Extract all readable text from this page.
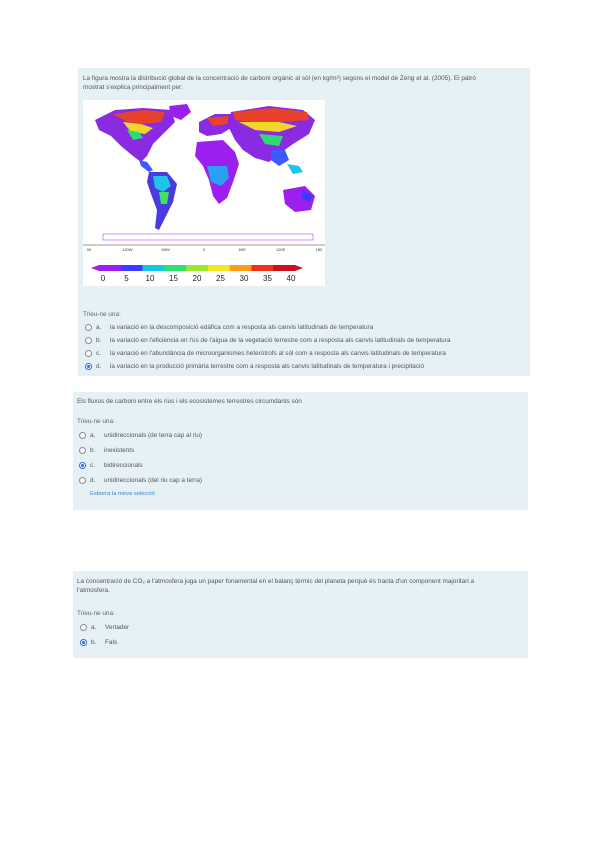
La figura mostra la distribució global de la concentració de carboni orgànic al sòl (en kg/m²) segons el model de Zeng et al. (2005). El patró
mostrat s'explica principalment per:
90	120W	60W	0	60E	120E	180
0 5 10 15 20 25 30 35 40
Trieu-ne una:
a.	la variació en la descomposició edàfica com a resposta als canvis latitudinals de temperatura
b.	la variació en l'eficiència en l'ús de l'aigua de la vegetació terrestre com a resposta als canvis latitudinals de temperatura
c.	la variació en l'abundància de microorganismes heteròtrofs al sòl com a resposta als canvis latitudinals de temperatura
d.	la variació en la producció primària terrestre com a resposta als canvis latitudinals de temperatura i precipitació
Els fluxos de carboni entre els rius i els ecosistemes terrestres circumdants són
Trieu-ne una:
a.	unidireccionals (de terra cap al riu)
b.	inexistents
c.	bidireccionals
d.	unidireccionals (del riu cap a terra)
Esborra la meva selecció
La concentració de CO₂ a l'atmosfera juga un paper fonamental en el balanç tèrmic del planeta perquè és tracta d'un component majoritari a
l'atmosfera.
Trieu-ne una:
a.	Vertader
b.	Fals
